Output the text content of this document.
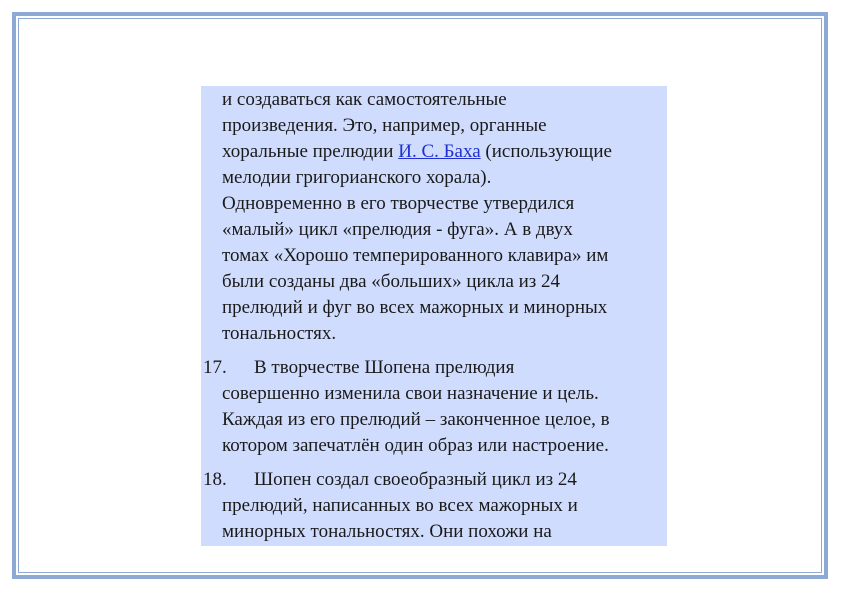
и создаваться как самостоятельные
произведения. Это, например, органные
хоральные прелюдии И. С. Баха (использующие
мелодии григорианского хорала).
Одновременно в его творчестве утвердился
«малый» цикл «прелюдия - фуга». А в двух
томах «Хорошо темперированного клавира» им
были созданы два «больших» цикла из 24
прелюдий и фуг во всех мажорных и минорных
тональностях.

17.	В творчестве Шопена прелюдия
совершенно изменила свои назначение и цель.
Каждая из его прелюдий – законченное целое, в
котором запечатлён один образ или настроение.

18.	Шопен создал своеобразный цикл из 24
прелюдий, написанных во всех мажорных и
минорных тональностях. Они похожи на
